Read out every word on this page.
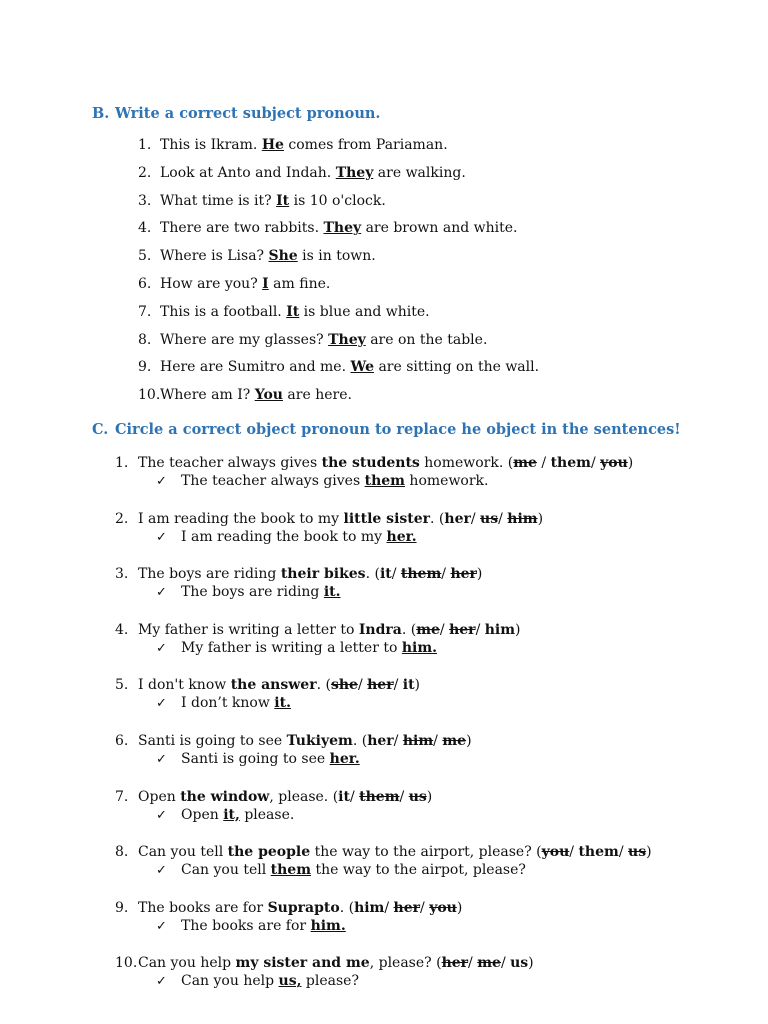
B. Write a correct subject pronoun.
1. This is Ikram. He comes from Pariaman.
2. Look at Anto and Indah. They are walking.
3. What time is it? It is 10 o'clock.
4. There are two rabbits. They are brown and white.
5. Where is Lisa? She is in town.
6. How are you? I am fine.
7. This is a football. It is blue and white.
8. Where are my glasses? They are on the table.
9. Here are Sumitro and me. We are sitting on the wall.
10.Where am I? You are here.
C. Circle a correct object pronoun to replace he object in the sentences!
1. The teacher always gives the students homework. (me / them/ you)
✓ The teacher always gives them homework.
2. I am reading the book to my little sister. (her/ us/ him)
✓ I am reading the book to my her.
3. The boys are riding their bikes. (it/ them/ her)
✓ The boys are riding it.
4. My father is writing a letter to Indra. (me/ her/ him)
✓ My father is writing a letter to him.
5. I don't know the answer. (she/ her/ it)
✓ I don’t know it.
6. Santi is going to see Tukiyem. (her/ him/ me)
✓ Santi is going to see her.
7. Open the window, please. (it/ them/ us)
✓ Open it, please.
8. Can you tell the people the way to the airport, please? (you/ them/ us)
✓ Can you tell them the way to the airpot, please?
9. The books are for Suprapto. (him/ her/ you)
✓ The books are for him.
10.Can you help my sister and me, please? (her/ me/ us)
✓ Can you help us, please?
